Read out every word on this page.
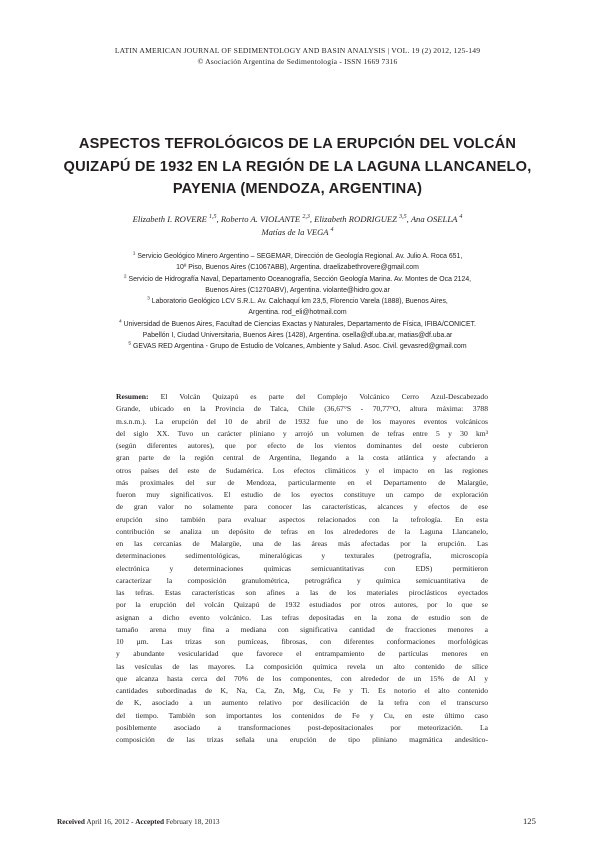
LATIN AMERICAN JOURNAL OF SEDIMENTOLOGY AND BASIN ANALYSIS | VOL. 19 (2) 2012, 125-149
© Asociación Argentina de Sedimentología - ISSN 1669 7316
ASPECTOS TEFROLÓGICOS DE LA ERUPCIÓN DEL VOLCÁN
QUIZAPÚ DE 1932 EN LA REGIÓN DE LA LAGUNA LLANCANELO,
PAYENIA (MENDOZA, ARGENTINA)
Elizabeth I. ROVERE $^{1,5}$, Roberto A. VIOLANTE $^{2,3}$, Elizabeth RODRIGUEZ $^{3,5}$, Ana OSELLA $^4$
Matías de la VEGA $^4$
$^1$ Servicio Geológico Minero Argentino – SEGEMAR, Dirección de Geología Regional. Av. Julio A. Roca 651,
10º Piso, Buenos Aires (C1067ABB), Argentina. draelizabethrovere@gmail.com
$^2$ Servicio de Hidrografía Naval, Departamento Oceanografía, Sección Geología Marina. Av. Montes de Oca 2124,
Buenos Aires (C1270ABV), Argentina. violante@hidro.gov.ar
$^3$ Laboratorio Geológico LCV S.R.L. Av. Calchaquí km 23,5, Florencio Varela (1888), Buenos Aires,
Argentina. rod_eli@hotmail.com
$^4$ Universidad de Buenos Aires, Facultad de Ciencias Exactas y Naturales, Departamento de Física, IFIBA/CONICET.
Pabellón I, Ciudad Universitaria, Buenos Aires (1428), Argentina. osella@df.uba.ar, matias@df.uba.ar
$^5$ GEVAS RED Argentina - Grupo de Estudio de Volcanes, Ambiente y Salud. Asoc. Civil. gevasred@gmail.com
Resumen: El Volcán Quizapú es parte del Complejo Volcánico Cerro Azul-Descabezado
Grande, ubicado en la Provincia de Talca, Chile (36,67°S - 70,77°O, altura máxima: 3788
m.s.n.m.). La erupción del 10 de abril de 1932 fue uno de los mayores eventos volcánicos
del siglo XX. Tuvo un carácter pliniano y arrojó un volumen de tefras entre 5 y 30 km³
(según diferentes autores), que por efecto de los vientos dominantes del oeste cubrieron
gran parte de la región central de Argentina, llegando a la costa atlántica y afectando a
otros países del este de Sudamérica. Los efectos climáticos y el impacto en las regiones
más proximales del sur de Mendoza, particularmente en el Departamento de Malargüe,
fueron muy significativos. El estudio de los eyectos constituye un campo de exploración
de gran valor no solamente para conocer las características, alcances y efectos de ese
erupción sino también para evaluar aspectos relacionados con la tefrología. En esta
contribución se analiza un depósito de tefras en los alrededores de la Laguna Llancanelo,
en las cercanías de Malargüe, una de las áreas más afectadas por la erupción. Las
determinaciones sedimentológicas, mineralógicas y texturales (petrografía, microscopía
electrónica y determinaciones químicas semicuantitativas con EDS) permitieron
caracterizar la composición granulométrica, petrográfica y química semicuantitativa de
las tefras. Estas características son afines a las de los materiales piroclásticos eyectados
por la erupción del volcán Quizapú de 1932 estudiados por otros autores, por lo que se
asignan a dicho evento volcánico. Las tefras depositadas en la zona de estudio son de
tamaño arena muy fina a mediana con significativa cantidad de fracciones menores a
10 µm. Las trizas son pumíceas, fibrosas, con diferentes conformaciones morfológicas
y abundante vesicularidad que favorece el entrampamiento de partículas menores en
las vesículas de las mayores. La composición química revela un alto contenido de sílice
que alcanza hasta cerca del 70% de los componentes, con alrededor de un 15% de Al y
cantidades subordinadas de K, Na, Ca, Zn, Mg, Cu, Fe y Ti. Es notorio el alto contenido
de K, asociado a un aumento relativo por desilicación de la tefra con el transcurso
del tiempo. También son importantes los contenidos de Fe y Cu, en este último caso
posiblemente asociado a transformaciones post-depositacionales por meteorización. La
composición de las trizas señala una erupción de tipo pliniano magmática andesítico-
Received April 16, 2012 - Accepted February 18, 2013	125
